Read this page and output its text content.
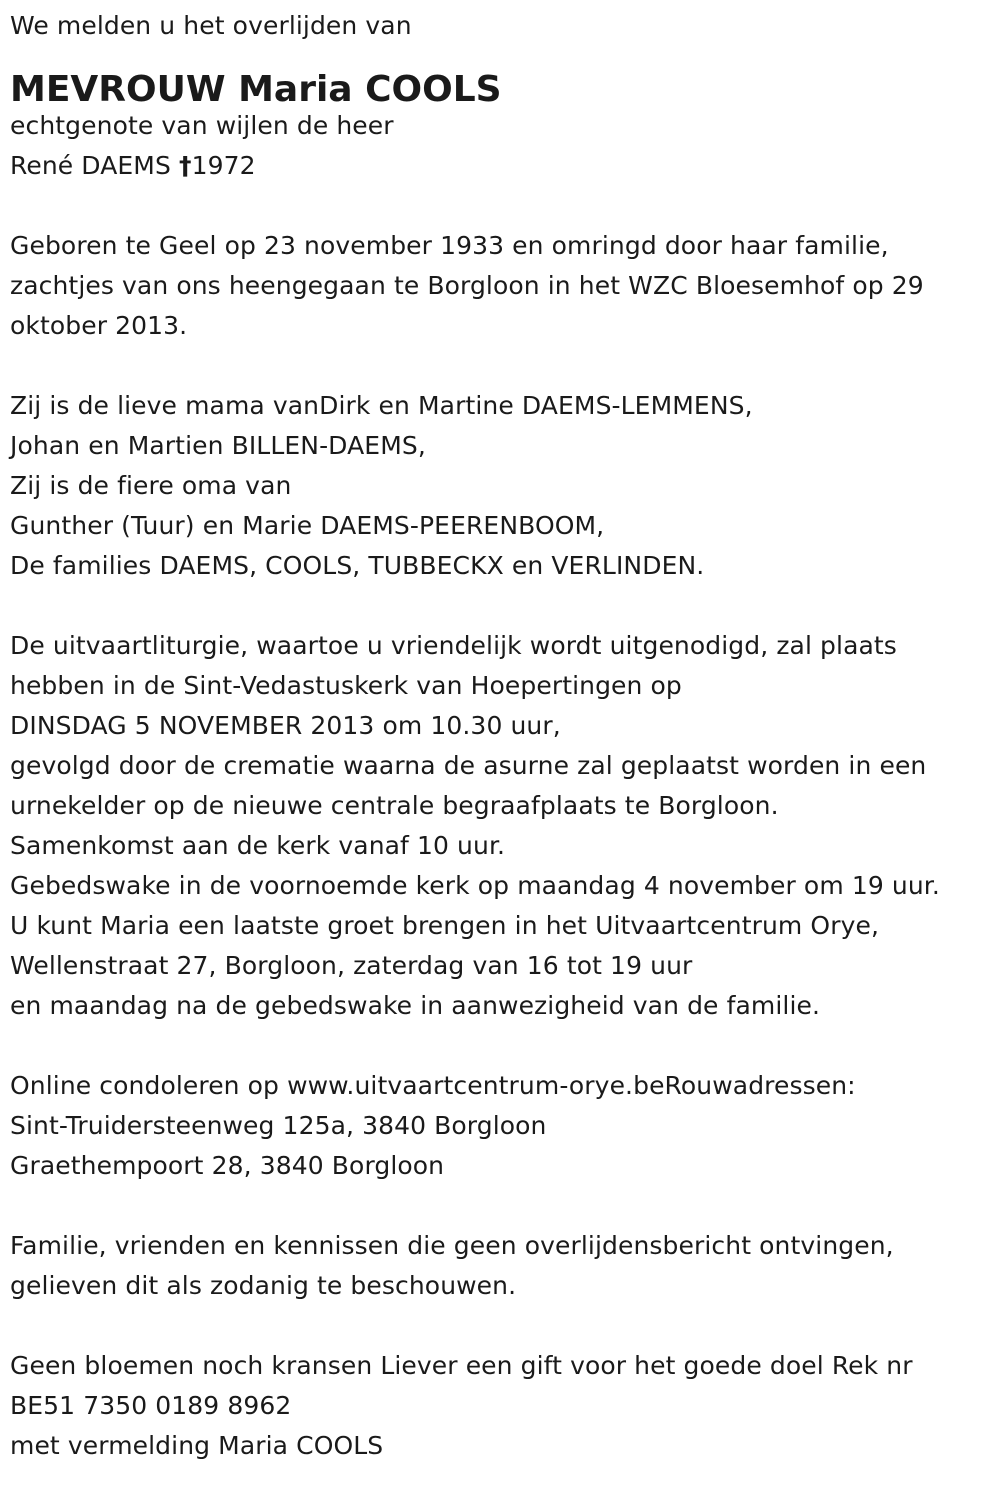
We melden u het overlijden van
MEVROUW Maria COOLS
echtgenote van wijlen de heer
René DAEMS †1972
Geboren te Geel op 23 november 1933 en omringd door haar familie,
zachtjes van ons heengegaan te Borgloon in het WZC Bloesemhof op 29
oktober 2013.
Zij is de lieve mama vanDirk en Martine DAEMS-LEMMENS,
Johan en Martien BILLEN-DAEMS,
Zij is de fiere oma van
Gunther (Tuur) en Marie DAEMS-PEERENBOOM,
De families DAEMS, COOLS, TUBBECKX en VERLINDEN.
De uitvaartliturgie, waartoe u vriendelijk wordt uitgenodigd, zal plaats
hebben in de Sint-Vedastuskerk van Hoepertingen op
DINSDAG 5 NOVEMBER 2013 om 10.30 uur,
gevolgd door de crematie waarna de asurne zal geplaatst worden in een
urnekelder op de nieuwe centrale begraafplaats te Borgloon.
Samenkomst aan de kerk vanaf 10 uur.
Gebedswake in de voornoemde kerk op maandag 4 november om 19 uur.
U kunt Maria een laatste groet brengen in het Uitvaartcentrum Orye,
Wellenstraat 27, Borgloon, zaterdag van 16 tot 19 uur
en maandag na de gebedswake in aanwezigheid van de familie.
Online condoleren op www.uitvaartcentrum-orye.beRouwadressen:
Sint-Truidersteenweg 125a, 3840 Borgloon
Graethempoort 28, 3840 Borgloon
Familie, vrienden en kennissen die geen overlijdensbericht ontvingen,
gelieven dit als zodanig te beschouwen.
Geen bloemen noch kransen Liever een gift voor het goede doel Rek nr
BE51 7350 0189 8962
met vermelding Maria COOLS
